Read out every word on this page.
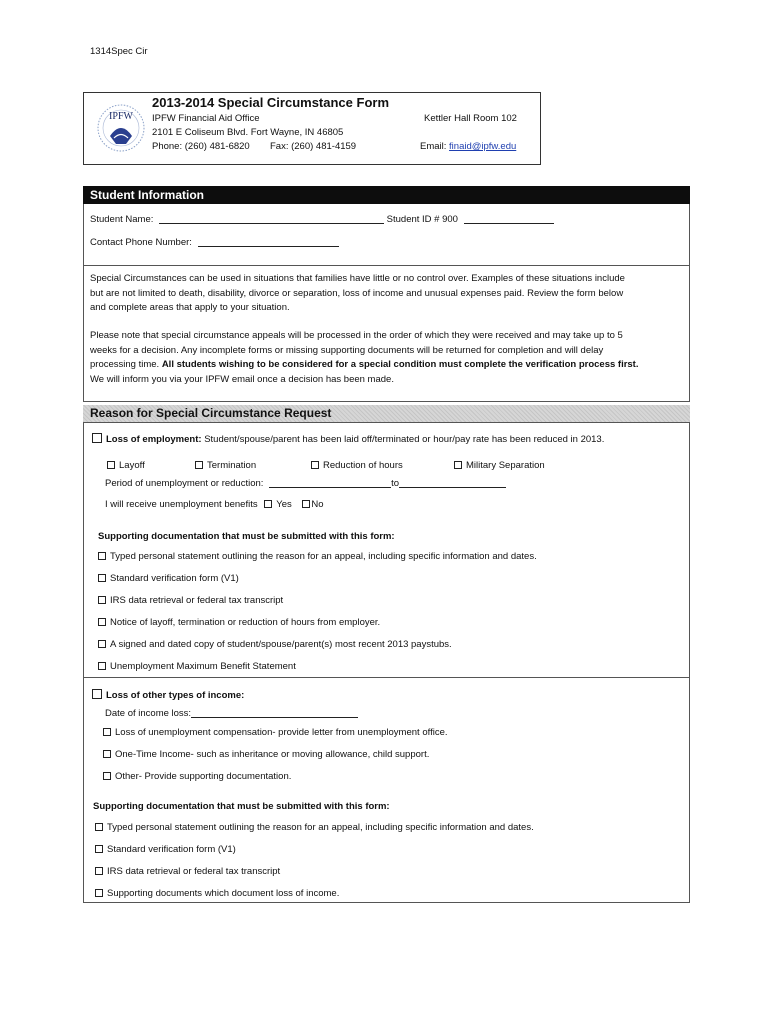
1314Spec Cir
IPFW
2013-2014 Special Circumstance Form
IPFW Financial Aid Office
2101 E Coliseum Blvd. Fort Wayne, IN 46805
Phone: (260) 481-6820 Fax: (260) 481-4159
Kettler Hall Room 102
Email: finaid@ipfw.edu
Student Information
Student Name:	Student ID # 900
Contact Phone Number:
Special Circumstances can be used in situations that families have little or no control over. Examples of these situations include
but are not limited to death, disability, divorce or separation, loss of income and unusual expenses paid. Review the form below
and complete areas that apply to your situation.
Please note that special circumstance appeals will be processed in the order of which they were received and may take up to 5
weeks for a decision. Any incomplete forms or missing supporting documents will be returned for completion and will delay
processing time. All students wishing to be considered for a special condition must complete the verification process first.
We will inform you via your IPFW email once a decision has been made.
Reason for Special Circumstance Request
Loss of employment: Student/spouse/parent has been laid off/terminated or hour/pay rate has been reduced in 2013.
Layoff	Termination	Reduction of hours	Military Separation
Period of unemployment or reduction:	to
I will receive unemployment benefits Yes No
Supporting documentation that must be submitted with this form:
Typed personal statement outlining the reason for an appeal, including specific information and dates.
Standard verification form (V1)
IRS data retrieval or federal tax transcript
Notice of layoff, termination or reduction of hours from employer.
A signed and dated copy of student/spouse/parent(s) most recent 2013 paystubs.
Unemployment Maximum Benefit Statement
Loss of other types of income:
Date of income loss:
Loss of unemployment compensation- provide letter from unemployment office.
One-Time Income- such as inheritance or moving allowance, child support.
Other- Provide supporting documentation.
Supporting documentation that must be submitted with this form:
Typed personal statement outlining the reason for an appeal, including specific information and dates.
Standard verification form (V1)
IRS data retrieval or federal tax transcript
Supporting documents which document loss of income.
